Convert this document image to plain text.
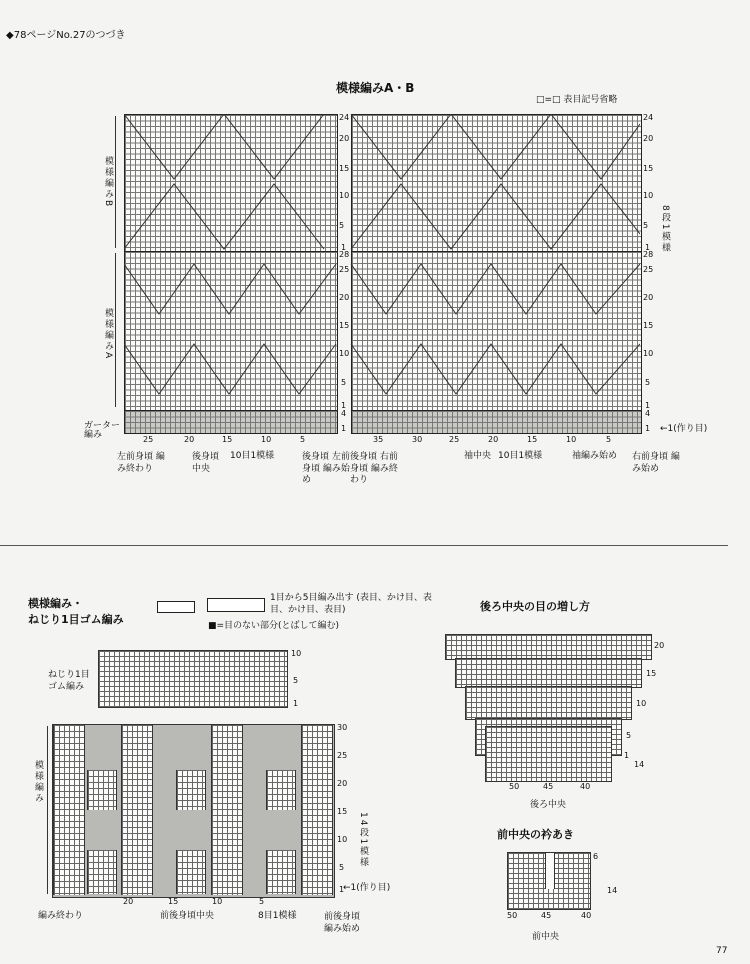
◆78ページNo.27のつづき
模様編みA・B
□=□ 表目記号省略
模様編みB
模様編みA
ガーター編み
24
20
15
10
5
1
28
25
20
15
10
5
1
4
1
24
20
15
10
5
1
28
25
20
15
10
5
1
4
1
8段1模様
←1(作り目)
25	20	15	10	5	35	30	25	20	15	10	5
左前身頃 編み終わり
後身頃 中央
10目1模様	後身頃 左前身頃 編み始め
後身頃 右前身頃 編み終わり
袖中央 10目1模様	袖編み始め 右前身頃 編み始め
模様編み・
ねじり1目ゴム編み
1目から5目編み出す (表目、かけ目、表目、かけ目、表目)
■=目のない部分(とばして編む)
ねじり1目 ゴム編み
10
5
1
模様編み
30
25
20
15
10
5
1
14段1模様
←1(作り目)
20	15	10	5
編み終わり	前後身頃中央	8目1模様	前後身頃 編み始め
後ろ中央の目の増し方
20
15
10
5
1
14
50	45	40
後ろ中央
前中央の衿あき
6
14
50	45	40
前中央
77
